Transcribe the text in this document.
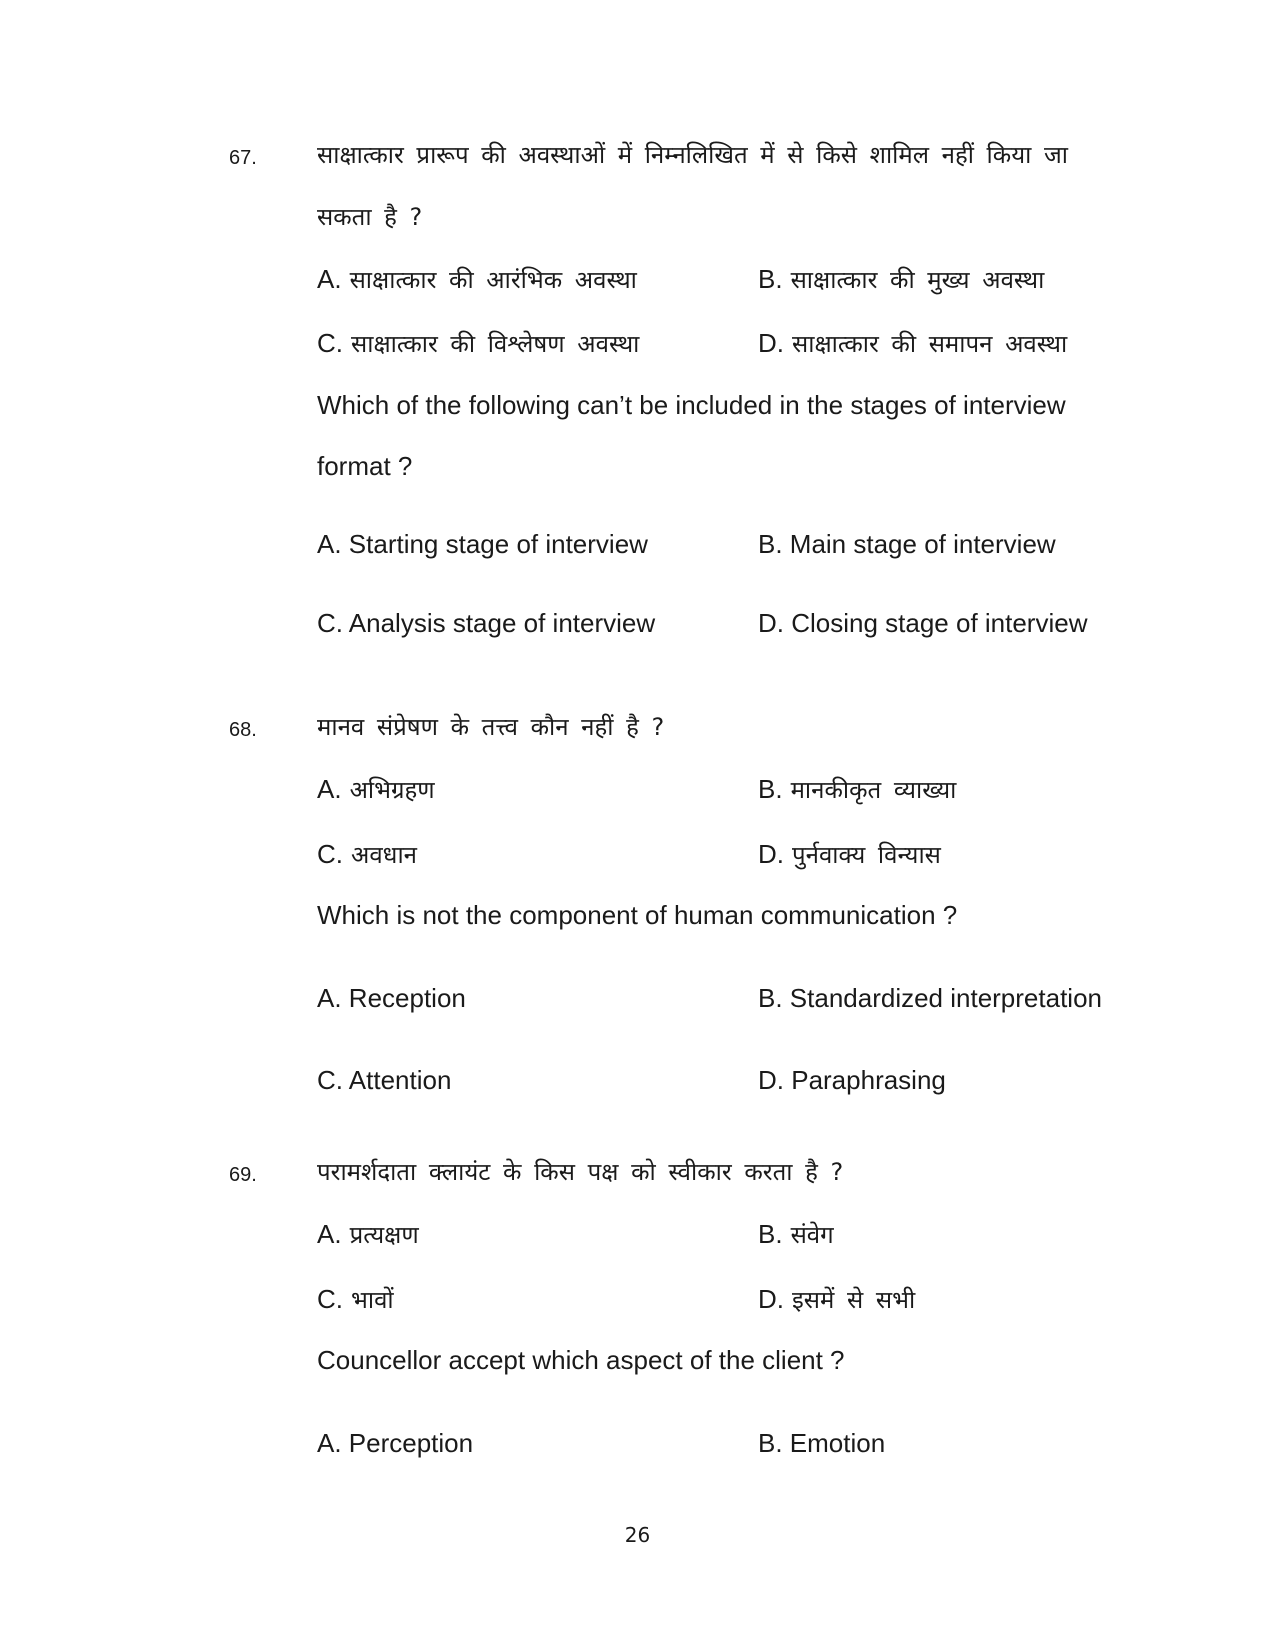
67.	साक्षात्कार प्रारूप की अवस्थाओं में निम्नलिखित में से किसे शामिल नहीं किया जा
सकता है ?
A. साक्षात्कार की आरंभिक अवस्था	B. साक्षात्कार की मुख्य अवस्था
C. साक्षात्कार की विश्लेषण अवस्था	D. साक्षात्कार की समापन अवस्था
Which of the following can’t be included in the stages of interview
format ?
A. Starting stage of interview	B. Main stage of interview
C. Analysis stage of interview	D. Closing stage of interview
68.	मानव संप्रेषण के तत्त्व कौन नहीं है ?
A. अभिग्रहण	B. मानकीकृत व्याख्या
C. अवधान	D. पुर्नवाक्य विन्यास
Which is not the component of human communication ?
A. Reception	B. Standardized interpretation
C. Attention	D. Paraphrasing
69.	परामर्शदाता क्लायंट के किस पक्ष को स्वीकार करता है ?
A. प्रत्यक्षण	B. संवेग
C. भावों	D. इसमें से सभी
Councellor accept which aspect of the client ?
A. Perception	B. Emotion
26
